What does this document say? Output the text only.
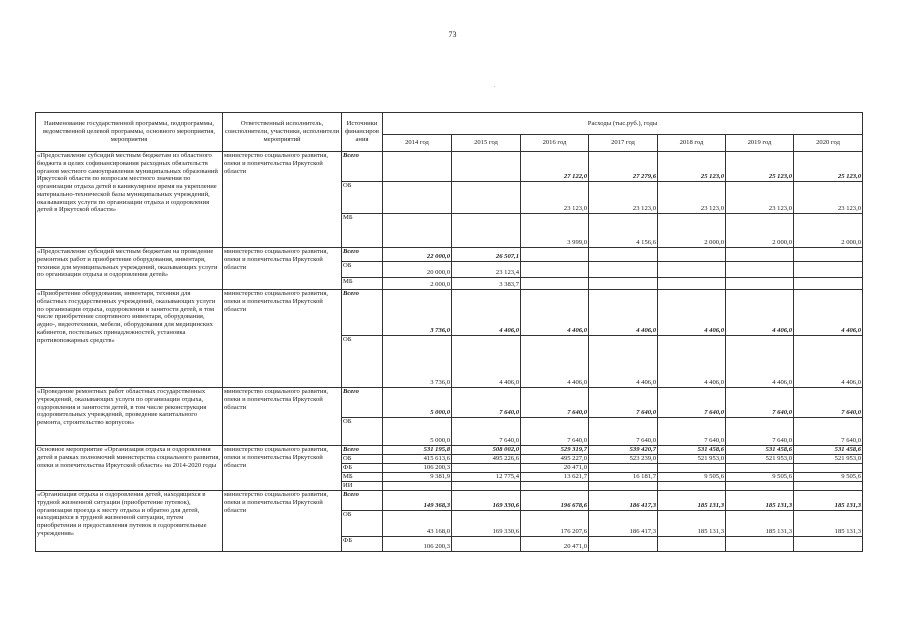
73
.
Наименование государственной программы, подпрограммы, ведомственной целевой программы, основного мероприятия, мероприятия	Ответственный исполнитель, соисполнители, участники, исполнители мероприятий	Источники финансиров ания	Расходы (тыс.руб.), годы						
			2014 год	2015 год	2016 год	2017 год	2018 год	2019 год	2020 год
«Предоставление субсидий местным бюджетам из областного бюджета в целях софинансирования расходных обязательств органов местного самоуправления муниципальных образований Иркутской области по вопросам местного значения по организации отдыха детей в каникулярное время на укрепление материально-технической базы муниципальных учреждений, оказывающих услуги по организации отдыха и оздоровления детей в Иркутской области»	министерство социального развития, опеки и попечительства Иркутской области	Всего			27 122,0	27 279,6	25 123,0	25 123,0	25 123,0
		ОБ			23 123,0	23 123,0	23 123,0	23 123,0	23 123,0
		МБ			3 999,0	4 156,6	2 000,0	2 000,0	2 000,0
«Предоставление субсидий местным бюджетам на проведение ремонтных работ и приобретение оборудования, инвентаря, техники для муниципальных учреждений, оказывающих услуги по организации отдыха и оздоровления детей»	министерство социального развития, опеки и попечительства Иркутской области	Всего	22 000,0	26 507,1					
		ОБ	20 000,0	23 123,4					
		МБ	2 000,0	3 383,7					
«Приобретение оборудования, инвентаря, техники для областных государственных учреждений, оказывающих услуги по организации отдыха, оздоровления и занятости детей, в том числе приобретение спортивного инвентаря, оборудования, аудио-, видеотехники, мебели, оборудования для медицинских кабинетов, постельных принадлежностей, установка противопожарных средств»	министерство социального развития, опеки и попечительства Иркутской области	Всего	3 736,0	4 406,0	4 406,0	4 406,0	4 406,0	4 406,0	4 406,0
		ОБ	3 736,0	4 406,0	4 406,0	4 406,0	4 406,0	4 406,0	4 406,0
«Проведение ремонтных работ областных государственных учреждений, оказывающих услуги по организации отдыха, оздоровления и занятости детей, в том числе реконструкция оздоровительных учреждений, проведение капитального ремонта, строительство корпусов»	министерство социального развития, опеки и попечительства Иркутской области	Всего	5 000,0	7 640,0	7 640,0	7 640,0	7 640,0	7 640,0	7 640,0
		ОБ	5 000,0	7 640,0	7 640,0	7 640,0	7 640,0	7 640,0	7 640,0
Основное мероприятие «Организация отдыха и оздоровления детей в рамках полномочий министерства социального развития, опеки и попечительства Иркутской области» на 2014-2020 годы	министерство социального развития, опеки и попечительства Иркутской области	Всего	531 195,8	508 002,0	529 319,7	539 420,7	531 458,6	531 458,6	531 458,6
		ОБ	415 613,6	495 226,6	495 227,0	523 239,0	521 953,0	521 953,0	521 953,0
		ФБ	106 200,3		20 471,0				
		МБ	9 381,9	12 775,4	13 621,7	16 181,7	9 505,6	9 505,6	9 505,6
		ИИ							
«Организация отдыха и оздоровления детей, находящихся в трудной жизненной ситуации (приобретение путевок), организация проезда к месту отдыха и обратно для детей, находящихся в трудной жизненной ситуации, путем приобретения и предоставления путевок в оздоровительные учреждения»	министерство социального развития, опеки и попечительства Иркутской области	Всего	149 368,3	169 330,6	196 678,6	186 417,3	185 131,3	185 131,3	185 131,3
		ОБ	43 168,0	169 330,6	176 207,6	186 417,3	185 131,3	185 131,3	185 131,3
		ФБ	106 200,3		20 471,0				
